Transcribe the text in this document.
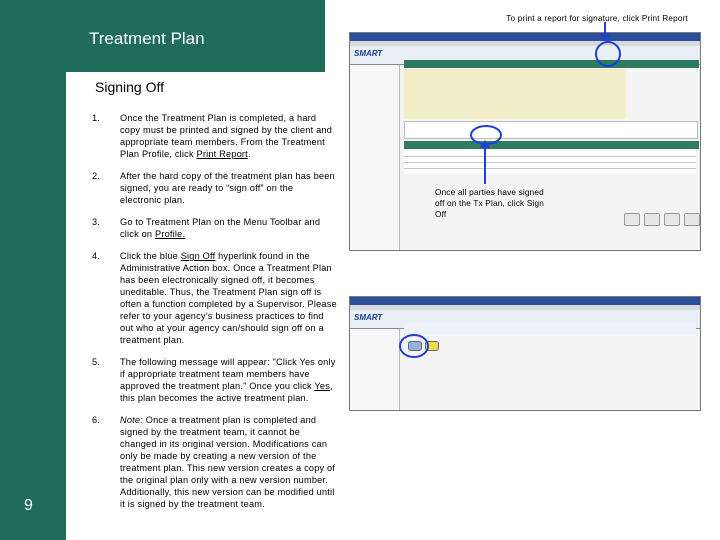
Treatment Plan
Signing Off
9
1.	Once the Treatment Plan is completed, a hard copy must be printed and signed by the client and appropriate team members. From the Treatment Plan Profile, click Print Report.
2.	After the hard copy of the treatment plan has been signed, you are ready to “sign off” on the electronic plan.
3.	Go to Treatment Plan on the Menu Toolbar and click on Profile.
4.	Click the blue Sign Off hyperlink found in the Administrative Action box. Once a Treatment Plan has been electronically signed off, it becomes uneditable. Thus, the Treatment Plan sign off is often a function completed by a Supervisor. Please refer to your agency’s business practices to find out who at your agency can/should sign off on a treatment plan.
5.	The following message will appear: "Click Yes only if appropriate treatment team members have approved the treatment plan." Once you click Yes, this plan becomes the active treatment plan.
6.	Note: Once a treatment plan is completed and signed by the treatment team, it cannot be changed in its original version. Modifications can only be made by creating a new version of the treatment plan. This new version creates a copy of the original plan only with a new version number. Additionally, this new version can be modified until it is signed by the treatment team.
To print a report for signature, click Print Report
SMART
Once all parties have signed off on the Tx Plan, click Sign Off
SMART
